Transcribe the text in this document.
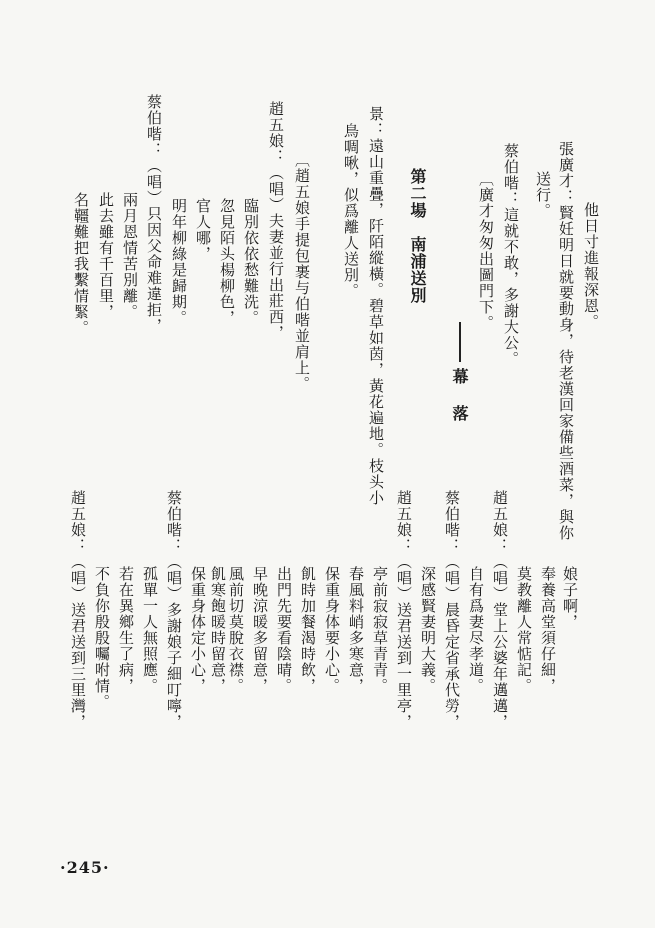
他日寸進報深恩。
張廣才：賢妊明日就要動身，待老漢回家備些酒菜，與你
送行。
蔡伯喈：這就不敢，多謝大公。
〔廣才匆匆出圖門下。
幕 落
第二場　南浦送別
景：遠山重疊，阡陌縱橫。碧草如茵，黃花遍地。枝头小
鳥啁啾，似爲離人送別。
〔趙五娘手提包裹与伯喈並肩上。
趙五娘：（唱）夫妻並行出莊西，
臨別依依愁難洗。
忽見陌头楊柳色，
官人哪，
明年柳綠是歸期。
蔡伯喈：（唱）只因父命难違拒，
兩月恩情苦別離。
此去雖有千百里，
名韁難把我繫情緊。
娘子啊，
奉養高堂須仔細，
莫教離人常惦記。
趙五娘：（唱）堂上公婆年邁邁，
自有爲妻尽孝道。
蔡伯喈：（唱）晨昏定省承代勞，
深感賢妻明大義。
趙五娘：（唱）送君送到一里亭，
亭前寂寂草青青。
春風料峭多寒意，
保重身体要小心。
飢時加餐渴時飲，
出門先要看陰晴。
早晚涼暖多留意，
風前切莫脫衣襟。
蔡伯喈：（唱）多謝娘子細叮嚀，
孤單一人無照應。
若在異鄉生了病，	保重身体定小心， 飢寒飽暖時留意，
不負你殷殷囑咐情。
趙五娘：（唱）送君送到三里灣，
·245·
